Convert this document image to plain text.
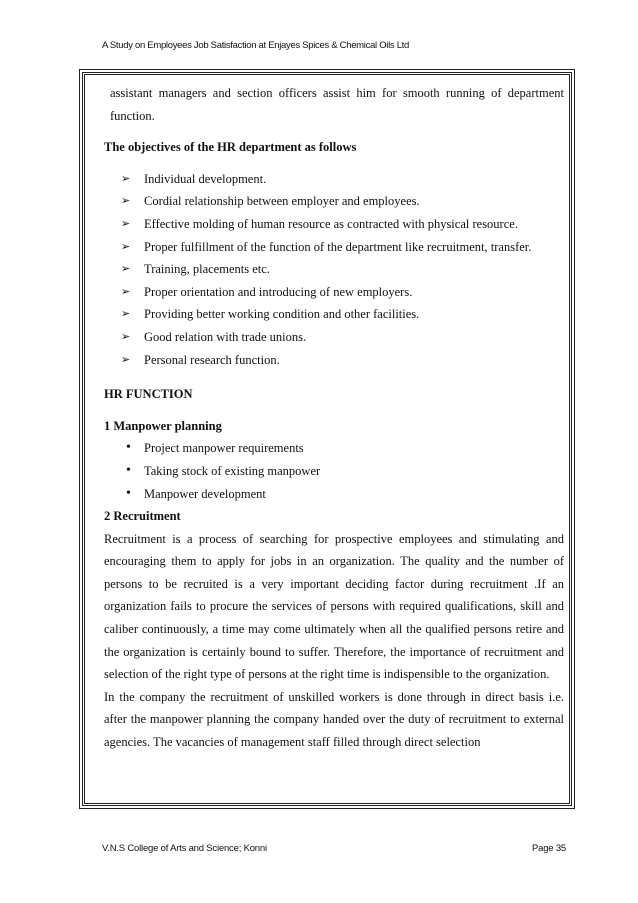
A Study on Employees Job Satisfaction at Enjayes Spices & Chemical Oils Ltd

assistant managers and section officers assist him for smooth running of department function.

The objectives of the HR department as follows

➢ Individual development.
➢ Cordial relationship between employer and employees.
➢ Effective molding of human resource as contracted with physical resource.
➢ Proper fulfillment of the function of the department like recruitment, transfer.
➢ Training, placements etc.
➢ Proper orientation and introducing of new employers.
➢ Providing better working condition and other facilities.
➢ Good relation with trade unions.
➢ Personal research function.

HR FUNCTION

1 Manpower planning

• Project manpower requirements
• Taking stock of existing manpower
• Manpower development

2 Recruitment

Recruitment is a process of searching for prospective employees and stimulating and encouraging them to apply for jobs in an organization. The quality and the number of persons to be recruited is a very important deciding factor during recruitment .If an organization fails to procure the services of persons with required qualifications, skill and caliber continuously, a time may come ultimately when all the qualified persons retire and the organization is certainly bound to suffer. Therefore, the importance of recruitment and selection of the right type of persons at the right time is indispensible to the organization.

In the company the recruitment of unskilled workers is done through in direct basis i.e. after the manpower planning the company handed over the duty of recruitment to external agencies. The vacancies of management staff filled through direct selection

V.N.S College of Arts and Science; Konni	Page 35
